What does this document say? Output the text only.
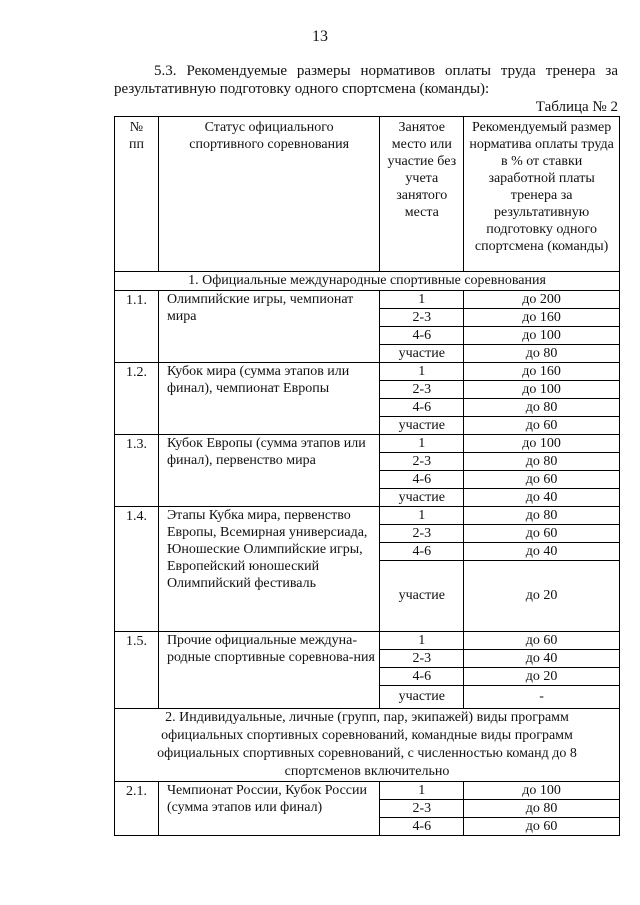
13
5.3. Рекомендуемые размеры нормативов оплаты труда тренера за
результативную подготовку одного спортсмена (команды):
Таблица № 2
№ пп	Статус официального спортивного соревнования	Занятое место или участие без учета занятого места	Рекомендуемый размер норматива оплаты труда в % от ставки заработной платы тренера за результативную подготовку одного спортсмена (команды)
1. Официальные международные спортивные соревнования			
1.1.	Олимпийские игры, чемпионат мира	1	до 200
		2-3	до 160
		4-6	до 100
		участие	до 80
1.2.	Кубок мира (сумма этапов или финал), чемпионат Европы	1	до 160
		2-3	до 100
		4-6	до 80
		участие	до 60
1.3.	Кубок Европы (сумма этапов или финал), первенство мира	1	до 100
		2-3	до 80
		4-6	до 60
		участие	до 40
1.4.	Этапы Кубка мира, первенство Европы, Всемирная универсиада, Юношеские Олимпийские игры, Европейский юношеский Олимпийский фестиваль	1	до 80
		2-3	до 60
		4-6	до 40
		участие	до 20
1.5.	Прочие официальные междуна-родные спортивные соревнова-ния	1	до 60
		2-3	до 40
		4-6	до 20
		участие	-
2. Индивидуальные, личные (групп, пар, экипажей) виды программ официальных спортивных соревнований, командные виды программ официальных спортивных соревнований, с численностью команд до 8 спортсменов включительно			
2.1.	Чемпионат России, Кубок России (сумма этапов или финал)	1	до 100
		2-3	до 80
		4-6	до 60
